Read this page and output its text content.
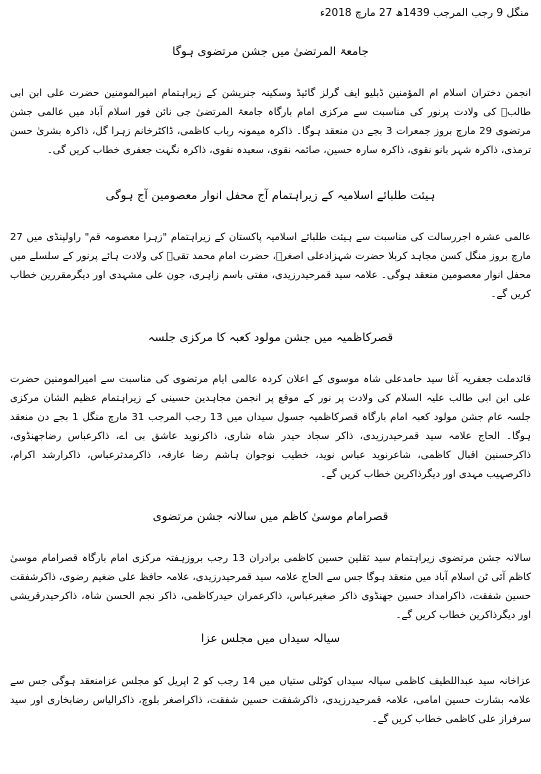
منگل 9 رجب المرجب 1439ھ 27 مارچ 2018ء

جامعۃ المرتضیٰ میں جشن مرتضوی ہوگا

انجمن دختران اسلام ام المؤمنین ڈبلیو ایف گرلز گائیڈ وسکینہ جنریشن کے زیراہتمام امیرالمومنین حضرت علی ابن ابی طالبؑ کی ولادت پرنور کی مناسبت سے مرکزی امام بارگاہ جامعۃ المرتضیٰ جی نائن فور اسلام آباد میں عالمی جشن مرتضوی 29 مارچ بروز جمعرات 3 بجے دن منعقد ہوگا۔ ذاکرہ میمونہ رباب کاظمی، ڈاکٹرخانم زہرا گل، ذاکرہ بشریٰ حسن ترمذی، ذاکرہ شہر بانو نقوی، ذاکرہ سارہ حسین، صائمہ نقوی، سعیدہ نقوی، ذاکرہ نگہت جعفری خطاب کریں گی۔

ہیئت طلبائے اسلامیہ کے زیراہتمام آج محفل انوار معصومین آج ہوگی

عالمی عشرہ اجررسالت کی مناسبت سے ہیئت طلبائے اسلامیہ پاکستان کے زیراہتمام "زہرا معصومہ قم" راولپنڈی میں 27 مارچ بروز منگل کسن مجاہد کربلا حضرت شہزادعلی اصغرؑ، حضرت امام محمد تقیؑ کی ولادت ہائے پرنور کے سلسلے میں محفل انوار معصومین منعقد ہوگی۔ علامہ سید قمرحیدرزیدی، مفتی باسم زاہری، جون علی مشہدی اور دیگرمقررین خطاب کریں گے۔

قصرکاظمیہ میں جشن مولود کعبہ کا مرکزی جلسہ

قائدملت جعفریہ آغا سید حامدعلی شاہ موسوی کے اعلان کردہ عالمی ایام مرتضوی کی مناسبت سے امیرالمومنین حضرت علی ابن ابی طالب علیہ السلام کی ولادت پر نور کے موقع پر انجمن مجاہدین حسینی کے زیراہتمام عظیم الشان مرکزی جلسہ عام جشن مولود کعبہ امام بارگاہ قصرکاظمیہ جسول سیداں میں 13 رجب المرجب 31 مارچ منگل 1 بجے دن منعقد ہوگا۔ الحاج علامہ سید قمرحیدرزیدی، ذاکر سجاد حیدر شاہ شاری، ذاکرنوید عاشق بی اے، ذاکرعباس رضاجھنڈوی، ذاکرحسنین اقبال کاظمی، شاعرنوید عباس نوید، خطیب نوجوان ہاشم رضا عارفہ، ذاکرمدثرعباس، ذاکرارشد اکرام، ذاکرصہیب مہدی اور دیگرذاکرین خطاب کریں گے۔

قصرامام موسیٰ کاظم میں سالانہ جشن مرتضوی

سالانہ جشن مرتضوی زیراہتمام سید ثقلین حسین کاظمی برادران 13 رجب بروزہفتہ مرکزی امام بارگاہ قصرامام موسیٰ کاظم آئی ٹن اسلام آباد میں منعقد ہوگا جس سے الحاج علامہ سید قمرحیدرزیدی، علامہ حافظ علی ضغیم رضوی، ذاکرشفقت حسین شفقت، ذاکرامداد حسین جھنڈوی ذاکر صغیرعباس، ذاکرعمران حیدرکاظمی، ذاکر نجم الحسن شاہ، ذاکرحیدرقریشی اور دیگرذاکرین خطاب کریں گے۔

سیالہ سیداں میں مجلس عزا

عزاخانہ سید عبداللطیف کاظمی سیالہ سیداں کوٹلی ستیاں میں 14 رجب کو 2 اپریل کو مجلس عزامنعقد ہوگی جس سے علامہ بشارت حسین امامی، علامہ قمرحیدرزیدی، ذاکرشفقت حسین شفقت، ذاکراصغر بلوچ، ذاکرالیاس رضابخاری اور سید سرفراز علی کاظمی خطاب کریں گے۔
